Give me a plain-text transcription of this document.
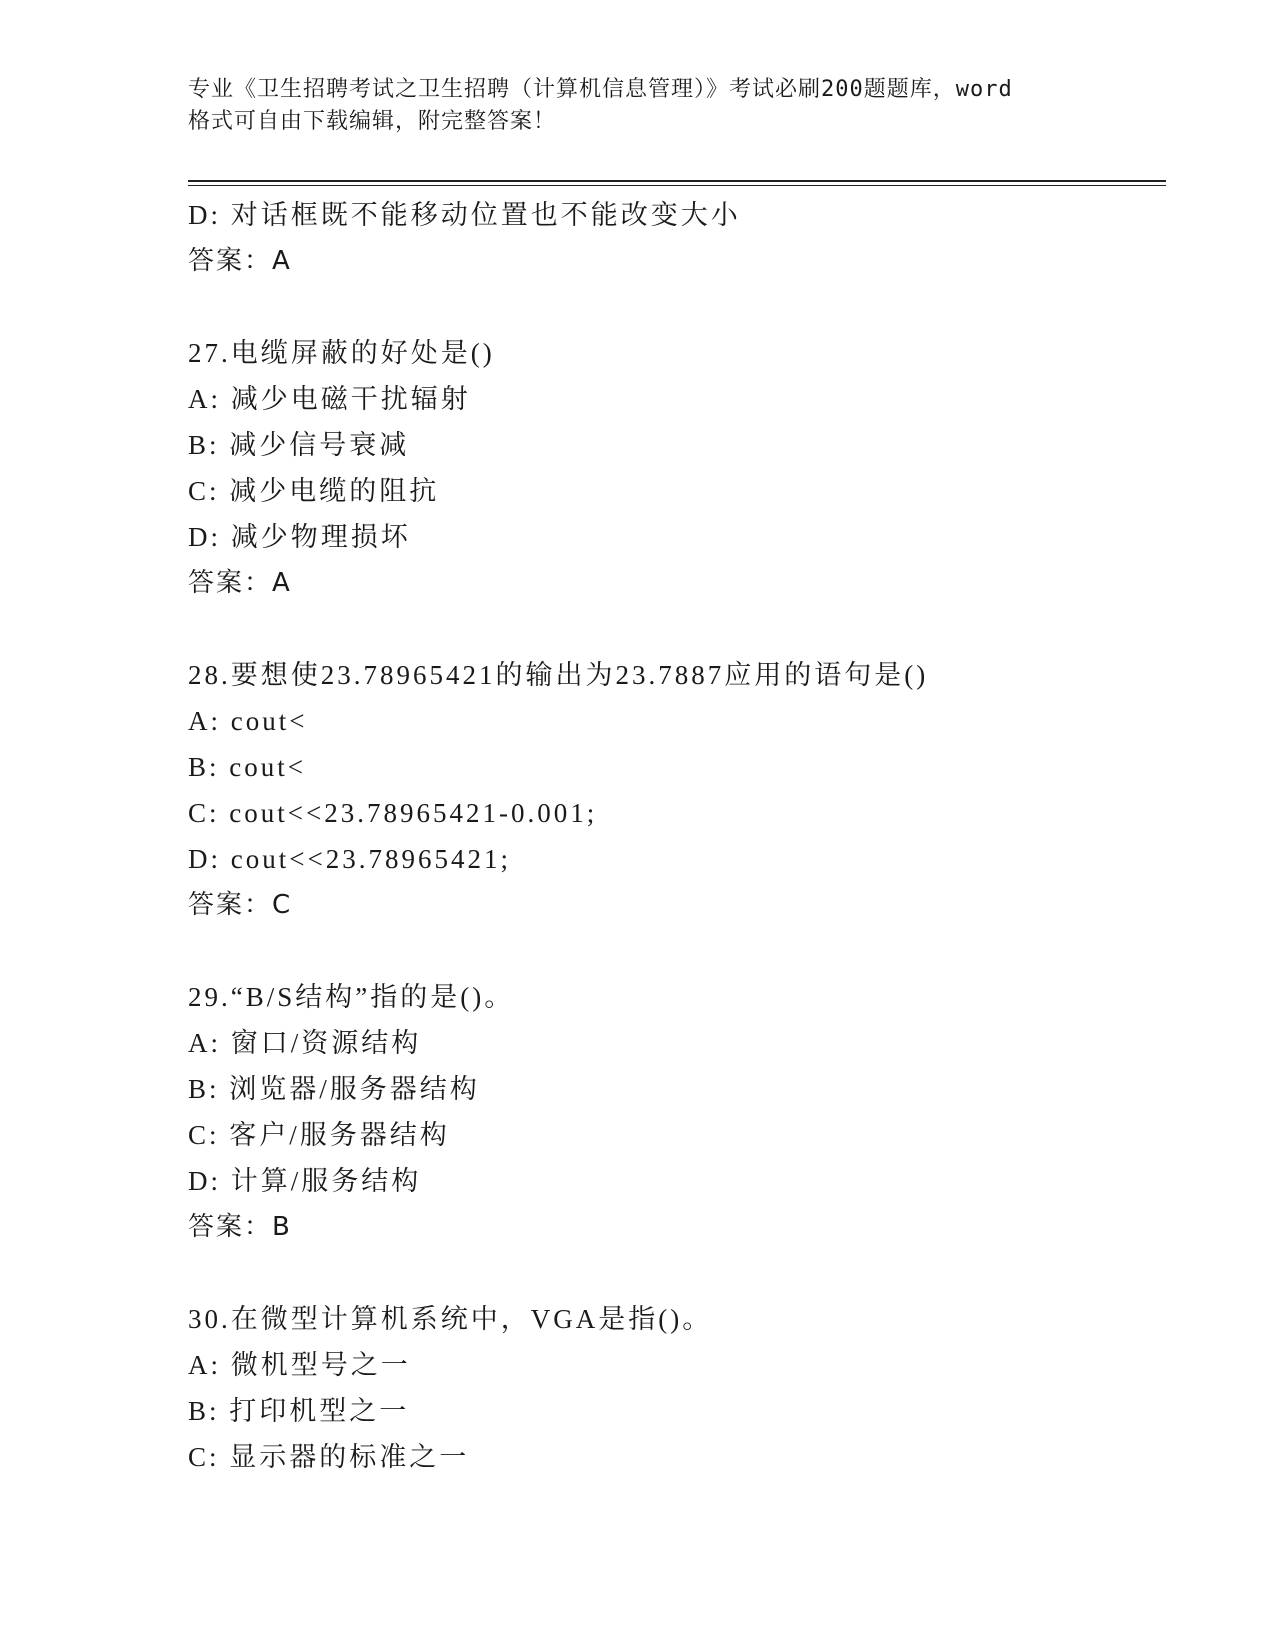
专业《卫生招聘考试之卫生招聘（计算机信息管理）》考试必刷200题题库，word
格式可自由下载编辑，附完整答案！
D: 对话框既不能移动位置也不能改变大小
答案：A
27.电缆屏蔽的好处是()
A: 减少电磁干扰辐射
B: 减少信号衰减
C: 减少电缆的阻抗
D: 减少物理损坏
答案：A
28.要想使23.78965421的输出为23.7887应用的语句是()
A: cout<
B: cout<
C: cout<<23.78965421-0.001;
D: cout<<23.78965421;
答案：C
29.“B/S结构”指的是()。
A: 窗口/资源结构
B: 浏览器/服务器结构
C: 客户/服务器结构
D: 计算/服务结构
答案：B
30.在微型计算机系统中，VGA是指()。
A: 微机型号之一
B: 打印机型之一
C: 显示器的标准之一
